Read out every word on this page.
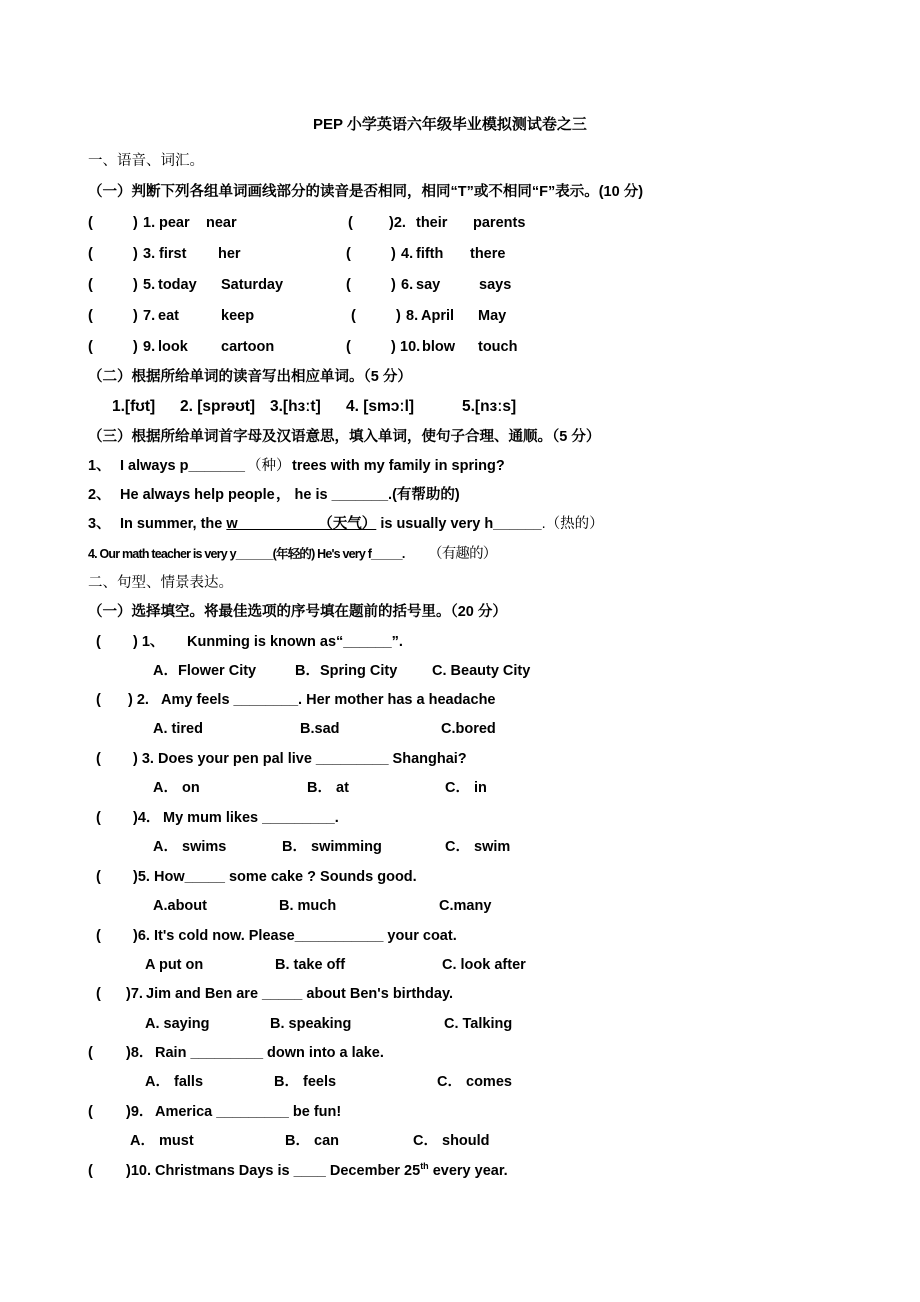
PEP 小学英语六年级毕业模拟测试卷之三
一、语音、词汇。
（一）判断下列各组单词画线部分的读音是否相同，相同“T”或不相同“F”表示。(10 分)
(	) 1. pear near	( )2. their parents
(	) 3. first her	(	) 4. fifth there
(	) 5. today Saturday	(	) 6. say	says
(	) 7. eat	keep	(	) 8. April May
(	) 9. look cartoon	(	) 10. blow touch
（二）根据所给单词的读音写出相应单词。（5 分）
1.[fʊt] 2. [sprəʊt] 3.[hɜːt] 4. [smɔːl]	5.[nɜːs]
（三）根据所给单词首字母及汉语意思，填入单词，使句子合理、通顺。（5 分）
1、 I always p_______ （种） trees with my family in spring?
2、 He always help people ， he is _______.(有帮助的)
3、 In summer, the w__________（天气） is usually very h______.（热的）
4. Our math teacher is very y______(年轻的) He's very f_____. （有趣的）
二、句型、情景表达。
（一）选择填空。将最佳选项的序号填在题前的括号里。（20 分）
( ) 1、 Kunming is known as“______”.
A．Flower City	B．Spring City C. Beauty City
( ) 2. Amy feels ________. Her mother has a headache
A. tired	B.sad	C.bored
( ) 3. Does your pen pal live _________ Shanghai?
A． on	B． at	C． in
( )4． My mum likes _________.
A． swims	B． swimming	C． swim
( )5. How_____ some cake ? Sounds good.
A.about	B. much	C.many
( )6. It's cold now. Please___________ your coat.
A put on	B. take off	C. look after
( )7. Jim and Ben are _____ about Ben's birthday.
A. saying	B. speaking	C. Talking
( )8． Rain _________ down into a lake.
A． falls	B． feels	C． comes
( )9． America _________ be fun!
A． must	B． can	C． should
( )10. Christmans Days is ____ December 25th every year.
